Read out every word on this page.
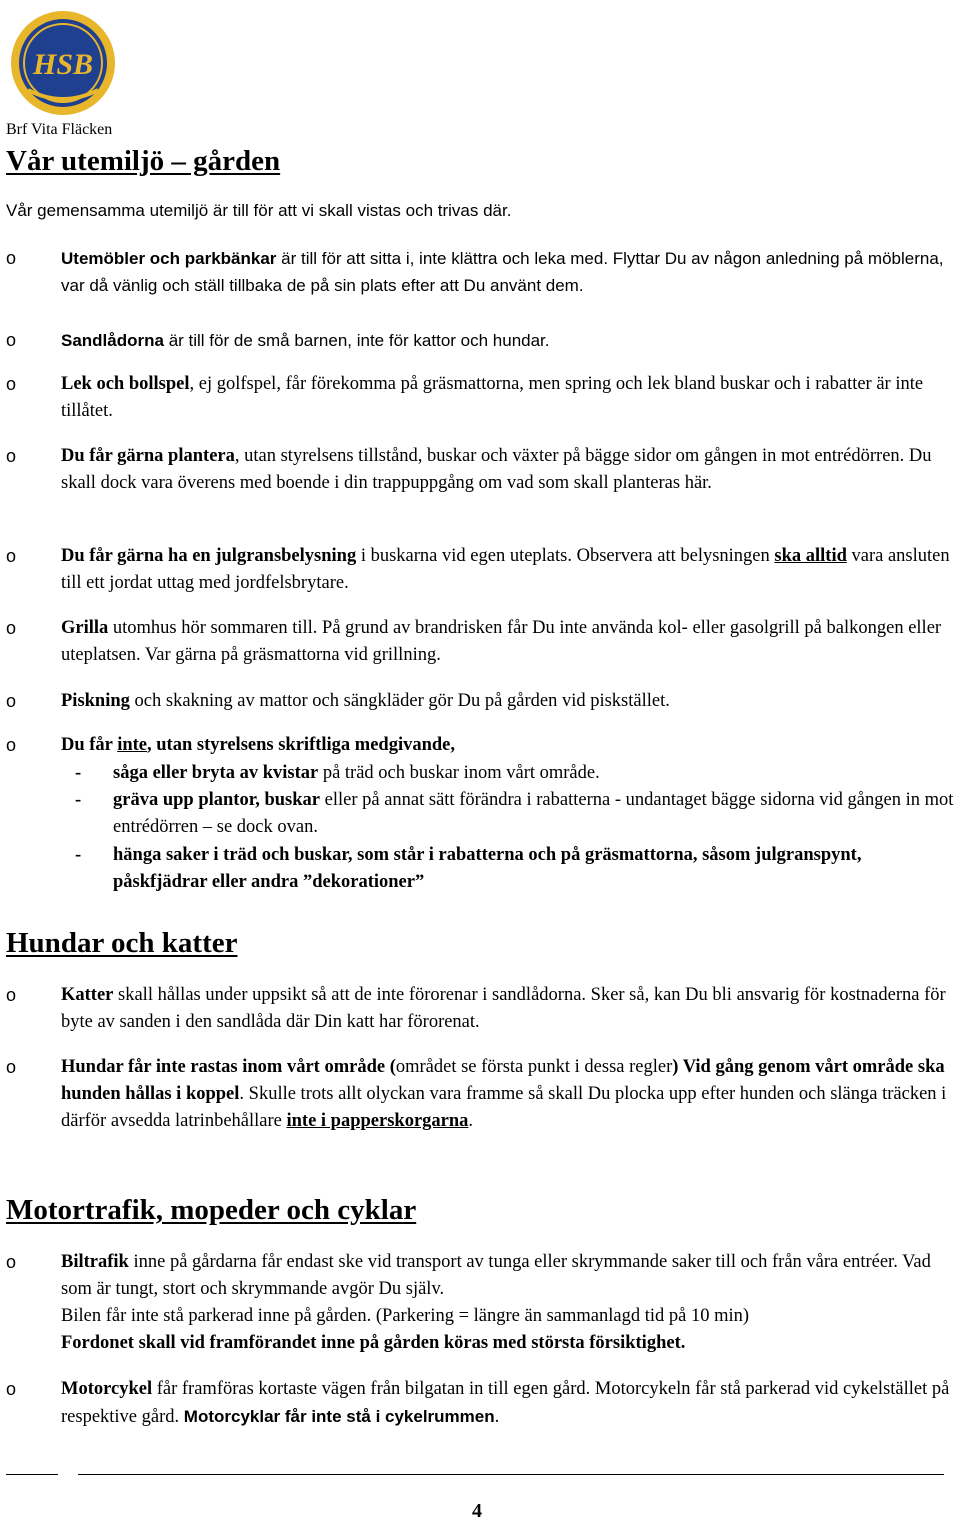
HSB
Brf Vita Fläcken
Vår utemiljö – gården
Vår gemensamma utemiljö är till för att vi skall vistas och trivas där.
o	Utemöbler och parkbänkar är till för att sitta i, inte klättra och leka med. Flyttar Du av någon anledning på möblerna, var då vänlig och ställ tillbaka de på sin plats efter att Du använt dem.
o	Sandlådorna är till för de små barnen, inte för kattor och hundar.
o Lek och bollspel, ej golfspel, får förekomma på gräsmattorna, men spring och lek bland buskar och i rabatter är inte tillåtet.
o Du får gärna plantera, utan styrelsens tillstånd, buskar och växter på bägge sidor om gången in mot entrédörren. Du skall dock vara överens med boende i din trappuppgång om vad som skall planteras här.
o Du får gärna ha en julgransbelysning i buskarna vid egen uteplats. Observera att belysningen ska alltid vara ansluten till ett jordat uttag med jordfelsbrytare.
o Grilla utomhus hör sommaren till. På grund av brandrisken får Du inte använda kol- eller gasolgrill på balkongen eller uteplatsen. Var gärna på gräsmattorna vid grillning.
o Piskning och skakning av mattor och sängkläder gör Du på gården vid piskstället.
o Du får inte, utan styrelsens skriftliga medgivande,
- såga eller bryta av kvistar på träd och buskar inom vårt område.
- gräva upp plantor, buskar eller på annat sätt förändra i rabatterna - undantaget bägge sidorna vid gången in mot entrédörren – se dock ovan.
- hänga saker i träd och buskar, som står i rabatterna och på gräsmattorna, såsom julgranspynt, påskfjädrar eller andra ”dekorationer”
Hundar och katter
o Katter skall hållas under uppsikt så att de inte förorenar i sandlådorna. Sker så, kan Du bli ansvarig för kostnaderna för byte av sanden i den sandlåda där Din katt har förorenat.
o Hundar får inte rastas inom vårt område (området se första punkt i dessa regler) Vid gång genom vårt område ska hunden hållas i koppel. Skulle trots allt olyckan vara framme så skall Du plocka upp efter hunden och slänga träcken i därför avsedda latrinbehållare inte i papperskorgarna.
Motortrafik, mopeder och cyklar
o Biltrafik inne på gårdarna får endast ske vid transport av tunga eller skrymmande saker till och från våra entréer. Vad som är tungt, stort och skrymmande avgör Du själv.
Bilen får inte stå parkerad inne på gården. (Parkering = längre än sammanlagd tid på 10 min)
Fordonet skall vid framförandet inne på gården köras med största försiktighet.
o Motorcykel får framföras kortaste vägen från bilgatan in till egen gård. Motorcykeln får stå parkerad vid cykelstället på respektive gård. Motorcyklar får inte stå i cykelrummen.
4
